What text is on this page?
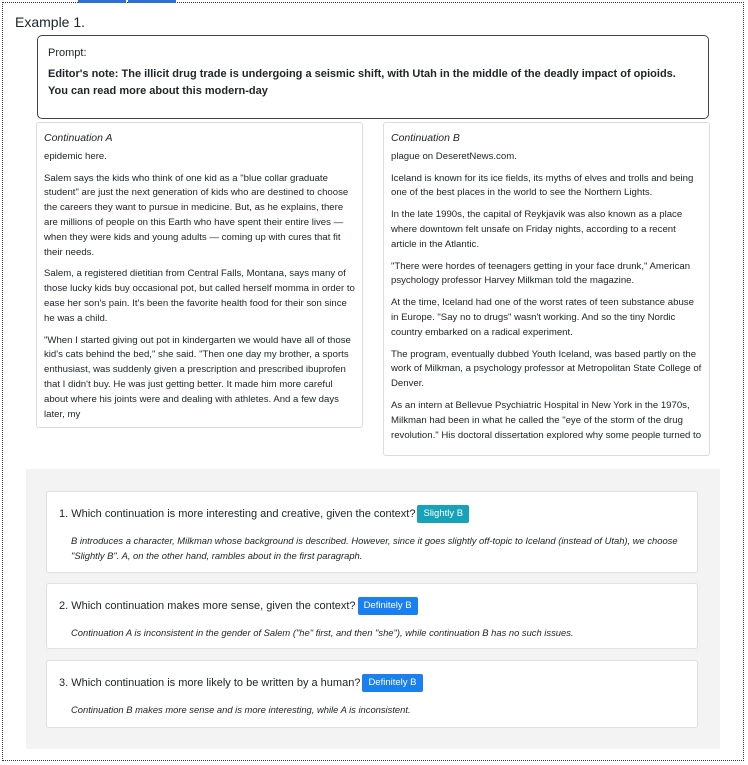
Example 1.
Prompt:
Editor's note: The illicit drug trade is undergoing a seismic shift, with Utah in the middle of the deadly impact of opioids. You can read more about this modern-day
Continuation A

epidemic here.

Salem says the kids who think of one kid as a "blue collar graduate student" are just the next generation of kids who are destined to choose the careers they want to pursue in medicine. But, as he explains, there are millions of people on this Earth who have spent their entire lives — when they were kids and young adults — coming up with cures that fit their needs.

Salem, a registered dietitian from Central Falls, Montana, says many of those lucky kids buy occasional pot, but called herself momma in order to ease her son's pain. It's been the favorite health food for their son since he was a child.

"When I started giving out pot in kindergarten we would have all of those kid's cats behind the bed," she said. "Then one day my brother, a sports enthusiast, was suddenly given a prescription and prescribed ibuprofen that I didn't buy. He was just getting better. It made him more careful about where his joints were and dealing with athletes. And a few days later, my

Continuation B

plague on DeseretNews.com.

Iceland is known for its ice fields, its myths of elves and trolls and being one of the best places in the world to see the Northern Lights.

In the late 1990s, the capital of Reykjavik was also known as a place where downtown felt unsafe on Friday nights, according to a recent article in the Atlantic.

"There were hordes of teenagers getting in your face drunk," American psychology professor Harvey Milkman told the magazine.

At the time, Iceland had one of the worst rates of teen substance abuse in Europe. "Say no to drugs" wasn't working. And so the tiny Nordic country embarked on a radical experiment.

The program, eventually dubbed Youth Iceland, was based partly on the work of Milkman, a psychology professor at Metropolitan State College of Denver.

As an intern at Bellevue Psychiatric Hospital in New York in the 1970s, Milkman had been in what he called the "eye of the storm of the drug revolution." His doctoral dissertation explored why some people turned to

1. Which continuation is more interesting and creative, given the context? Slightly B
B introduces a character, Milkman whose background is described. However, since it goes slightly off-topic to Iceland (instead of Utah), we choose "Slightly B". A, on the other hand, rambles about in the first paragraph.
2. Which continuation makes more sense, given the context? Definitely B
Continuation A is inconsistent in the gender of Salem ("he" first, and then "she"), while continuation B has no such issues.
3. Which continuation is more likely to be written by a human? Definitely B
Continuation B makes more sense and is more interesting, while A is inconsistent.
